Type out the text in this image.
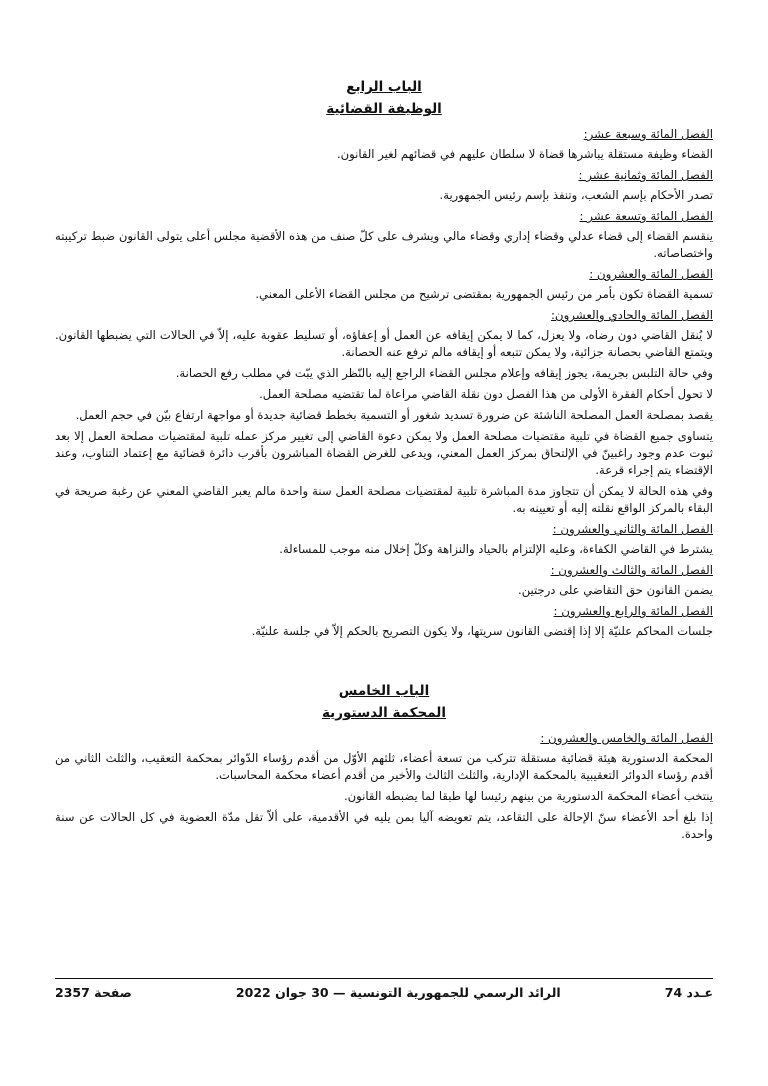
الباب الرابع
الوظيفة القضائية
الفصل المائة وسبعة عشر:
القضاء وظيفة مستقلة يباشرها قضاة لا سلطان عليهم في قضائهم لغير القانون.
الفصل المائة وثمانية عشر :
تصدر الأحكام بإسم الشعب، وتنفذ بإسم رئيس الجمهورية.
الفصل المائة وتسعة عشر :
ينقسم القضاء إلى قضاء عدلي وقضاء إداري وقضاء مالي ويشرف على كلّ صنف من هذه الأقضية مجلس أعلى يتولى القانون ضبط تركيبته واختصاصاته.
الفصل المائة والعشرون :
تسمية القضاة تكون بأمر من رئيس الجمهورية بمقتضى ترشيح من مجلس القضاء الأعلى المعني.
الفصل المائة والحادي والعشرون:
لا يُنقل القاضي دون رضاه، ولا يعزل، كما لا يمكن إيقافه عن العمل أو إعفاؤه، أو تسليط عقوبة عليه، إلاّ في الحالات التي يضبطها القانون. ويتمتع القاضي بحصانة جزائية، ولا يمكن تتبعه أو إيقافه مالم ترفع عنه الحصانة.
وفي حالة التلبس بجريمة، يجوز إيقافه وإعلام مجلس القضاء الراجع إليه بالنّظر الذي يبّت في مطلب رفع الحصانة.
لا تحول أحكام الفقرة الأولى من هذا الفصل دون نقلة القاضي مراعاة لما تقتضيه مصلحة العمل.
يقصد بمصلحة العمل المصلحة الناشئة عن ضرورة تسديد شغور أو التسمية بخطط قضائية جديدة أو مواجهة ارتفاع بيّن في حجم العمل.
يتساوى جميع القضاة في تلبية مقتضيات مصلحة العمل ولا يمكن دعوة القاضي إلى تغيير مركز عمله تلبية لمقتضيات مصلحة العمل إلا بعد ثبوت عدم وجود راغبينّ في الإلتحاق بمركز العمل المعني، ويدعى للغرض القضاة المباشرون بأقرب دائرة قضائية مع إعتماد التناوب، وعند الإقتضاء يتم إجراء قرعة.
وفي هذه الحالة لا يمكن أن تتجاوز مدة المباشرة تلبية لمقتضيات مصلحة العمل سنة واحدة مالم يعبر القاضي المعني عن رغبة صريحة في البقاء بالمركز الواقع نقلته إليه أو تعيينه به.
الفصل المائة والثاني والعشرون :
يشترط في القاضي الكفاءة، وعليه الإلتزام بالحياد والنزاهة وكلّ إخلال منه موجب للمساءلة.
الفصل المائة والثالث والعشرون :
يضمن القانون حق التقاضي على درجتين.
الفصل المائة والرابع والعشرون :
جلسات المحاكم علنيّة إلا إذا إقتضى القانون سريتها، ولا يكون التصريح بالحكم إلاّ في جلسة علنيّة.
الباب الخامس
المحكمة الدستورية
الفصل المائة والخامس والعشرون :
المحكمة الدستورية هيئة قضائية مستقلة تتركب من تسعة أعضاء، ثلثهم الأوّل من أقدم رؤساء الدّوائر بمحكمة التعقيب، والثلث الثاني من أقدم رؤساء الدوائر التعقيبية بالمحكمة الإدارية، والثلث الثالث والأخير من أقدم أعضاء محكمة المحاسبات.
ينتخب أعضاء المحكمة الدستورية من بينهم رئيسا لها طبقا لما يضبطه القانون.
إذا بلغ أحد الأعضاء سنّ الإحالة على التقاعد، يتم تعويضه آليا بمن يليه في الأقدمية، على ألاّ تقل مدّة العضوية في كل الحالات عن سنة واحدة.
عـدد 74
الرائد الرسمي للجمهورية التونسية — 30 جوان 2022
صفحة 2357
